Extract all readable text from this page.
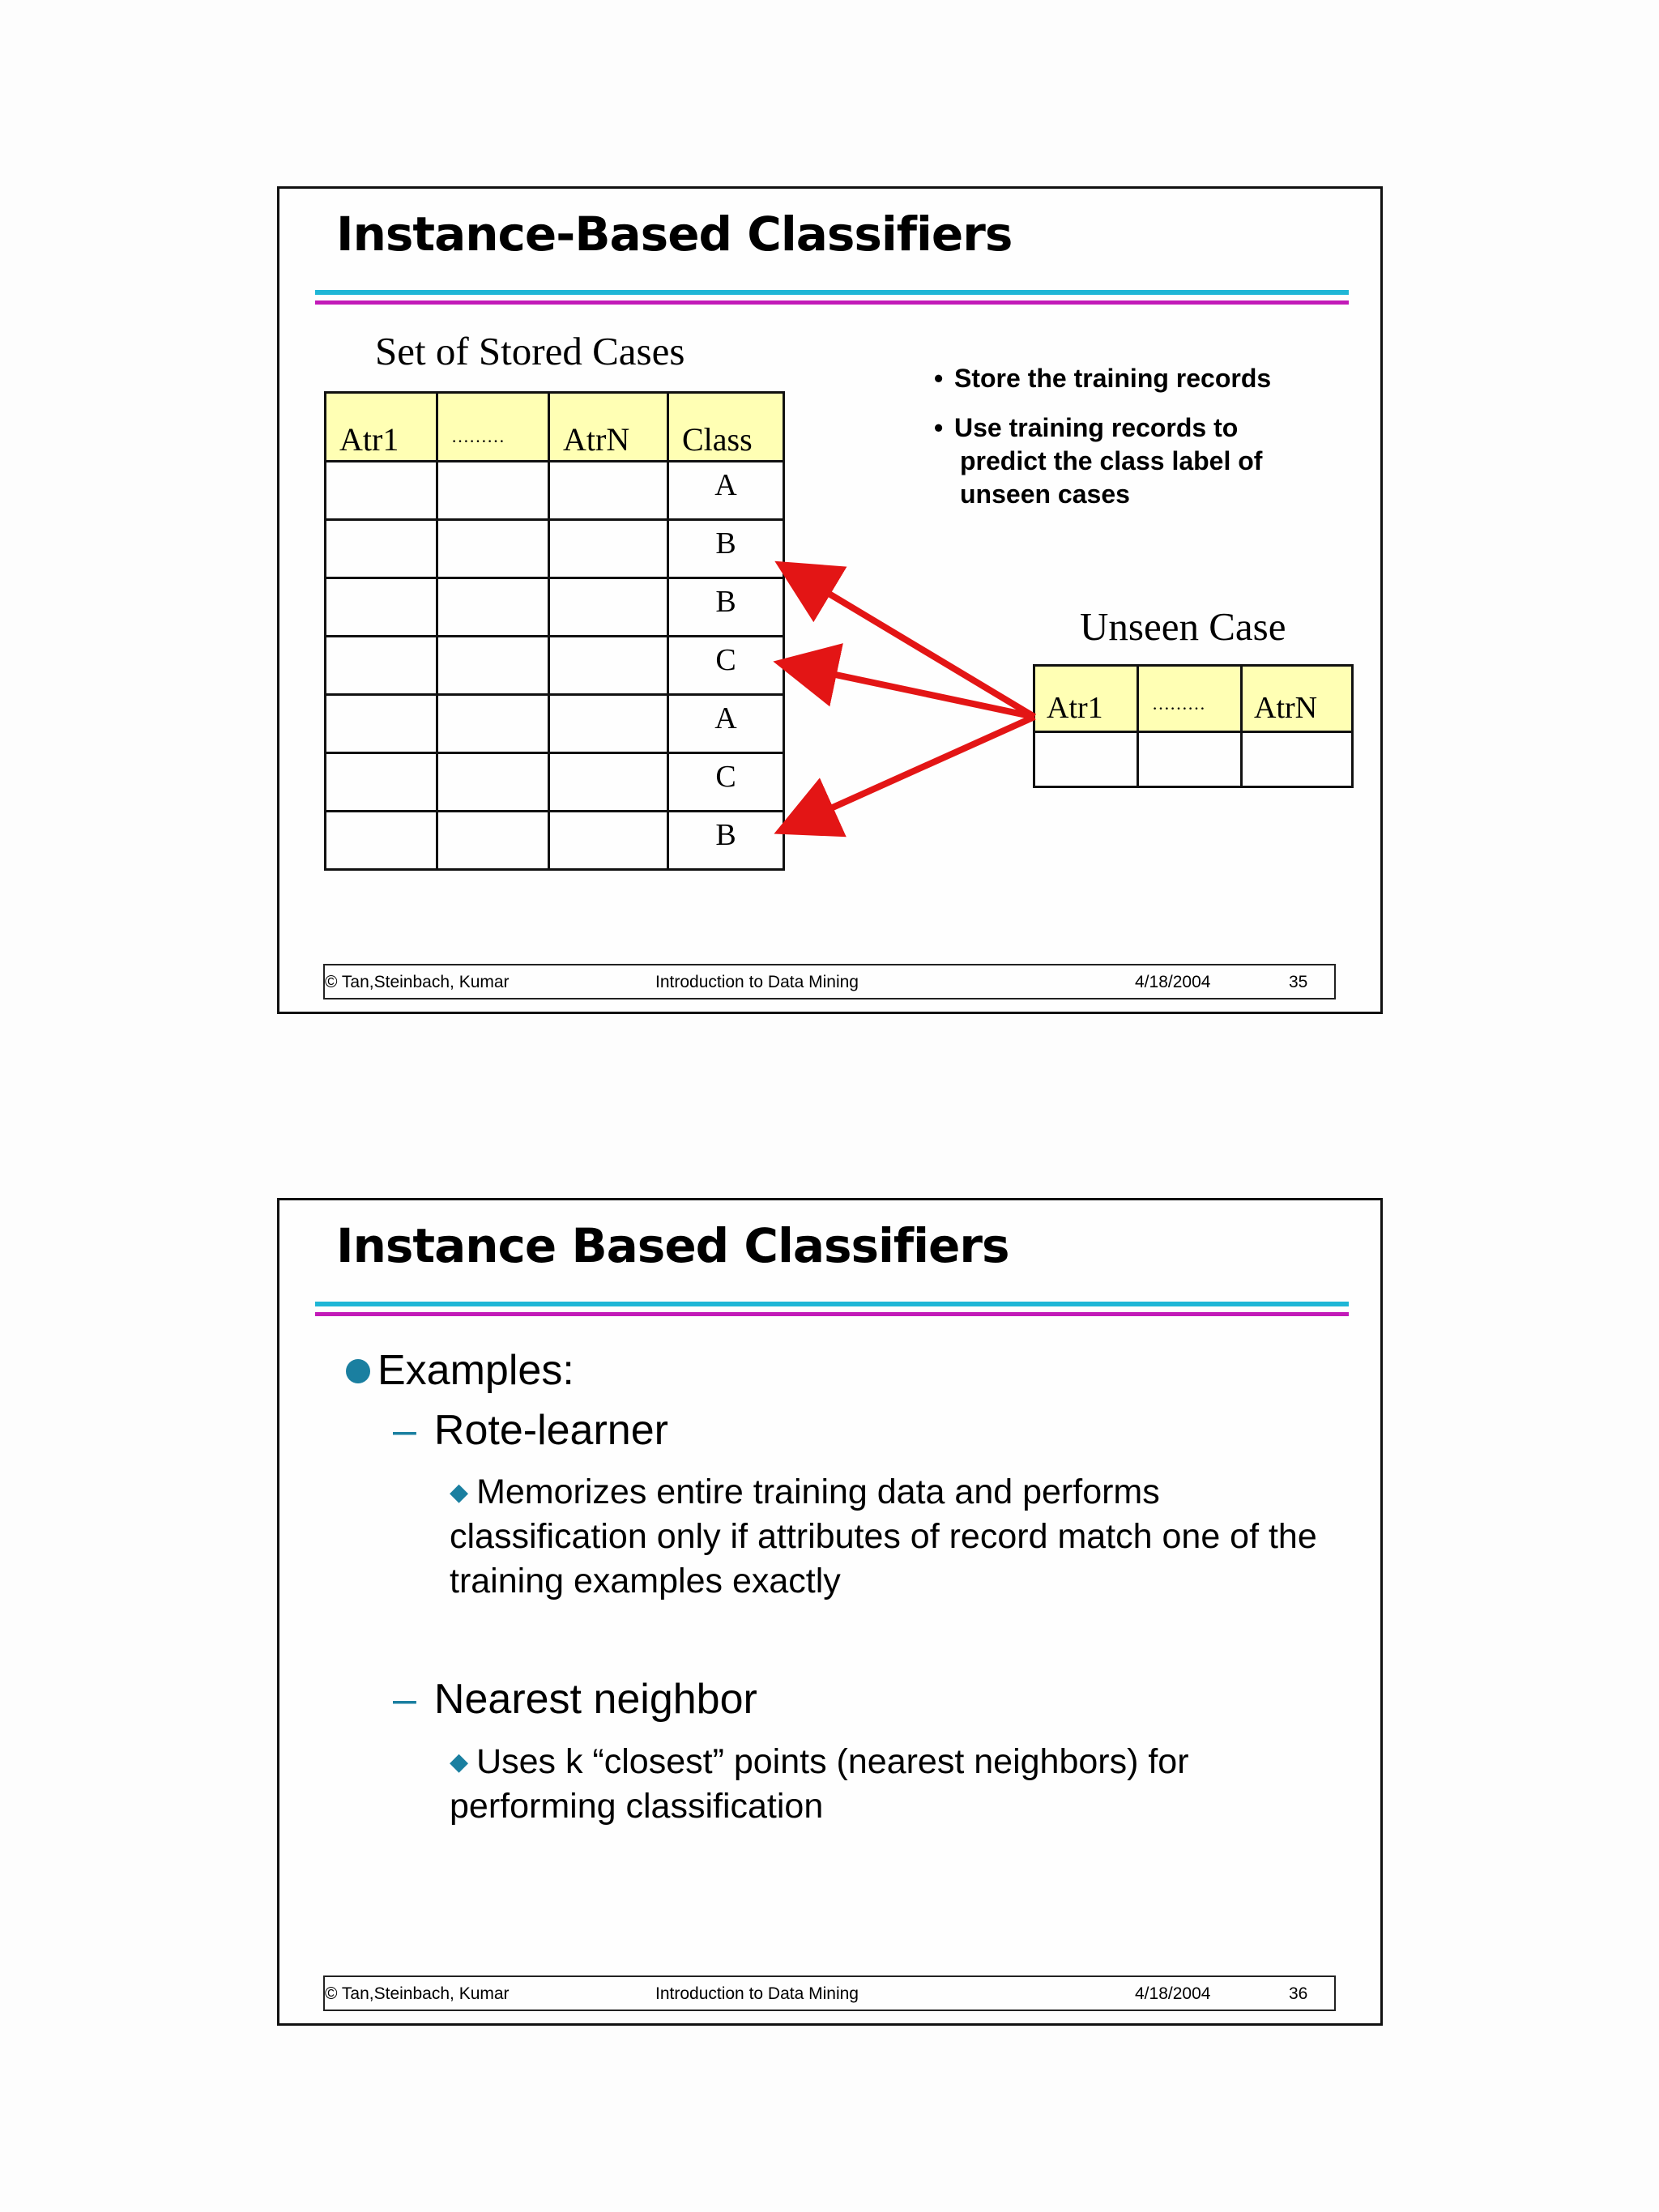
Instance-Based Classifiers
Set of Stored Cases
Atr1	………	AtrN	Class
			A
			B
			B
			C
			A
			C
			B
• Store the training records
• Use training records to
predict the class label of
unseen cases
Unseen Case
Atr1	………	AtrN

© Tan,Steinbach, Kumar	Introduction to Data Mining	4/18/2004	35
Instance Based Classifiers
Examples:
– Rote-learner
◆ Memorizes entire training data and performs classification only if attributes of record match one of the training examples exactly
– Nearest neighbor
◆ Uses k “closest” points (nearest neighbors) for performing classification
© Tan,Steinbach, Kumar	Introduction to Data Mining	4/18/2004	36
